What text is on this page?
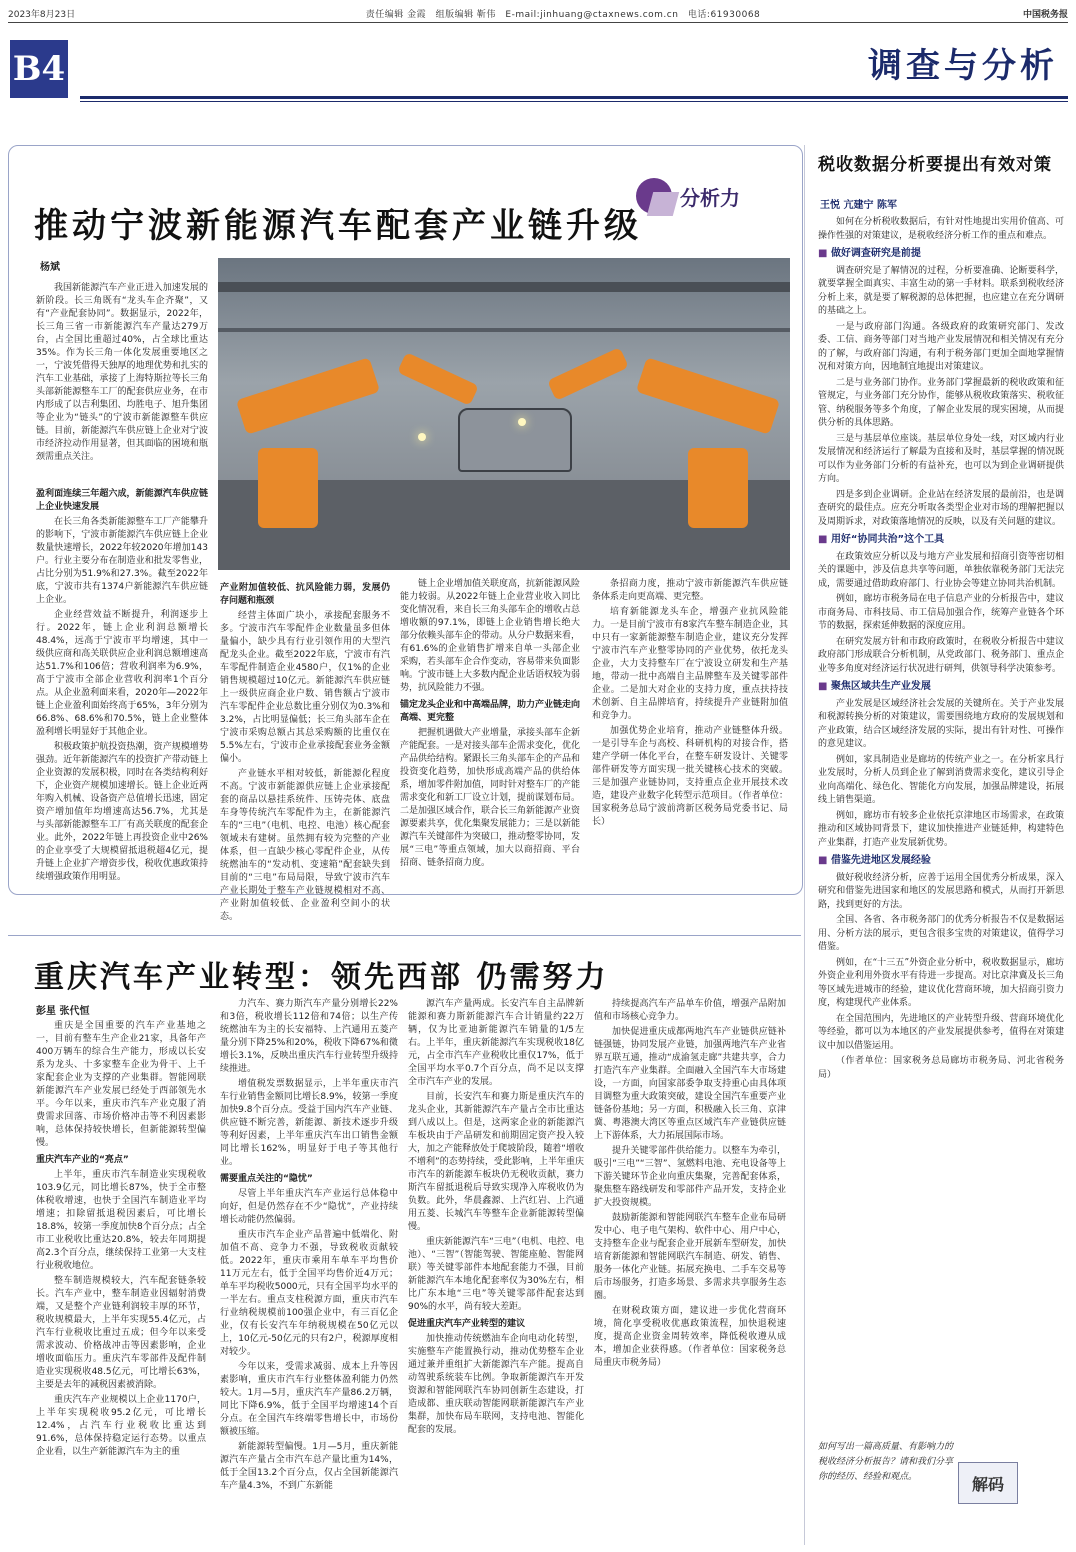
2023年8月23日	责任编辑 金霞　组版编辑 靳伟　E-mail:jinhuang@ctaxnews.com.cn　电话:61930068	中国税务报
B4	调查与分析
推动宁波新能源汽车配套产业链升级
分析力
杨斌

我国新能源汽车产业正进入加速发展的新阶段。长三角既有“龙头车企齐聚”，又有“产业配套协同”。数据显示，2022年，长三角三省一市新能源汽车产量达279万台，占全国比重超过40%，占全球比重达35%。作为长三角一体化发展重要地区之一，宁波凭借得天独厚的地理优势和扎实的汽车工业基础，承接了上海特斯拉等长三角头部新能源整车工厂的配套供应业务，在市内形成了以吉利集团、均胜电子、旭升集团等企业为“链头”的宁波市新能源整车供应链。目前，新能源汽车供应链上企业对宁波市经济拉动作用显著，但其面临的困境和瓶颈需重点关注。

盈利面连续三年超六成，新能源汽车供应链上企业快速发展

在长三角各类新能源整车工厂产能攀升的影响下，宁波市新能源汽车供应链上企业数量快速增长，2022年较2020年增加143户。行业主要分布在制造业和批发零售业，占比分别为51.9%和27.3%。截至2022年底，宁波市共有1374户新能源汽车供应链上企业。

企业经营效益不断提升，利润逐步上行。2022年，链上企业利润总额增长48.4%，远高于宁波市平均增速，其中一级供应商和高关联供应企业利润总额增速高达51.7%和106倍；营收利润率为6.9%，高于宁波市全部企业营收利润率1个百分点。从企业盈利面来看，2020年—2022年链上企业盈利面始终高于65%，3年分别为66.8%、68.6%和70.5%，链上企业整体盈利增长明显好于其他企业。

积极政策护航投资热潮，资产规模增势强劲。近年新能源汽车的投资扩产带动链上企业资源的发展积极，同时在各类结构利好下，企业资产规模加速增长。链上企业近两年购入机械、设备资产总值增长迅速，固定资产增加值年均增速高达56.7%，尤其是与头部新能源整车工厂有高关联度的配套企业。此外，2022年链上再投资企业中26%的企业享受了大规模留抵退税超4亿元，提升链上企业扩产增资步伐，税收优惠政策持续增强政策作用明显。

产业附加值较低、抗风险能力弱，发展仍存问题和瓶颈

经营主体面广块小，承接配套服务不多。宁波市汽车零配件企业数量虽多但体量偏小，缺少具有行业引领作用的大型汽配龙头企业。截至2022年底，宁波市有汽车零配件制造企业4580户，仅1%的企业销售规模超过10亿元。新能源汽车供应链上一级供应商企业户数、销售额占宁波市汽车零配件企业总数比重分别仅为0.3%和3.2%，占比明显偏低；长三角头部车企在宁波市采购总额占其总采购额的比重仅在5.5%左右，宁波市企业承接配套业务金额偏小。

产业链水平相对较低，新能源化程度不高。宁波市新能源供应链上企业承接配套的商品以悬挂系统件、压铸壳体、底盘车身等传统汽车零配件为主，在新能源汽车的“三电”（电机、电控、电池）核心配套领域未有建树。虽然拥有较为完整的产业体系，但一直缺少核心零配件企业，从传统燃油车的“发动机、变速箱”配套缺失到目前的“三电”布局局限，导致宁波市汽车产业长期处于整车产业链规模相对不高、产业附加值较低、企业盈利空间小的状态。

链上企业增加值关联度高，抗新能源风险能力较弱。从2022年链上企业营业收入同比变化情况看，来自长三角头部车企的增收占总增收额的97.1%，即链上企业销售增长绝大部分依赖头部车企的带动。从分户数据来看，有61.6%的企业销售扩增来自单一头部企业采购，若头部车企合作变动，容易带来负面影响。宁波市链上大多数内配企业话语权较为弱势，抗风险能力不强。

锚定龙头企业和中高端品牌，助力产业链走向高端、更完整

把握机遇做大产业增量，承接头部车企新产能配套。一是对接头部车企需求变化，优化产品供给结构。紧跟长三角头部车企的产品和投资变化趋势，加快形成高端产品的供给体系，增加零件附加值，同时针对整车厂的产能需求变化和新工厂设立计划，提前谋划布局。二是加强区域合作，联合长三角新能源产业资源要素共享，优化集聚发展能力；三是以新能源汽车关键部件为突破口，推动整零协同，发展“三电”等重点领域，加大以商招商、平台招商、链条招商力度。

条招商力度，推动宁波市新能源汽车供应链条体系走向更高端、更完整。

培育新能源龙头车企，增强产业抗风险能力。一是目前宁波市有8家汽车整车制造企业，其中只有一家新能源整车制造企业，建议充分发挥宁波市汽车产业整零协同的产业优势，依托龙头企业，大力支持整车厂在宁波设立研发和生产基地，带动一批中高端自主品牌整车及关键零部件企业。二是加大对企业的支持力度，重点扶持技术创新、自主品牌培育，持续提升产业链附加值和竞争力。

加强优势企业培育，推动产业链整体升级。一是引导车企与高校、科研机构的对接合作，搭建产学研一体化平台，在整车研发设计、关键零部件研发等方面实现一批关键核心技术的突破。三是加强产业链协同，支持重点企业开展技术改造，建设产业数字化转型示范项目。（作者单位：国家税务总局宁波前湾新区税务局党委书记、局长）

重庆汽车产业转型：领先西部 仍需努力
彭星 张代恒

重庆是全国重要的汽车产业基地之一，目前有整车生产企业21家，具备年产400万辆车的综合生产能力，形成以长安系为龙头、十多家整车企业为骨干、上千家配套企业为支撑的产业集群。智能网联新能源汽车产业发展已经处于西部领先水平。今年以来，重庆市汽车产业克服了消费需求回落、市场价格冲击等不利因素影响，总体保持较快增长，但新能源转型偏慢。

重庆汽车产业的“亮点”

上半年，重庆市汽车制造业实现税收103.9亿元，同比增长87%，快于全市整体税收增速，也快于全国汽车制造业平均增速；扣除留抵退税因素后，可比增长18.8%，较第一季度加快8个百分点；占全市工业税收比重达20.8%，较去年同期提高2.3个百分点，继续保持工业第一大支柱行业税收地位。

整车制造规模较大，汽车配套链条较长。汽车产业中，整车制造业因辐射消费端，又是整个产业链利润较丰厚的环节，税收规模最大，上半年实现55.4亿元，占汽车行业税收比重过五成；但今年以来受需求波动、价格战冲击等因素影响，企业增收面临压力。重庆汽车零部件及配件制造业实现税收48.5亿元，可比增长63%，主要是去年的减税因素被消除。

重庆汽车产业规模以上企业1170户，上半年实现税收95.2亿元，可比增长12.4%，占汽车行业税收比重达到91.6%，总体保持稳定运行态势。以重点企业看，以生产新能源汽车为主的重

力汽车、赛力斯汽车产量分别增长22%和3倍，税收增长112倍和74倍；以生产传统燃油车为主的长安福特、上汽通用五菱产量分别下降25%和20%，税收下降67%和微增长3.1%，反映出重庆汽车行业转型升级持续推进。

增值税发票数据显示，上半年重庆市汽车行业销售金额同比增长8.9%，较第一季度加快9.8个百分点。受益于国内汽车产业链、供应链不断完善，新能源、新技术逐步升级等利好因素，上半年重庆汽车出口销售金额同比增长162%，明显好于电子等其他行业。

需要重点关注的“隐忧”

尽管上半年重庆汽车产业运行总体稳中向好，但是仍然存在不少“隐忧”，产业持续增长动能仍然偏弱。

重庆市汽车企业产品普遍中低端化、附加值不高、竞争力不强，导致税收贡献较低。2022年，重庆市乘用车单车平均售价11万元左右，低于全国平均售价近4万元；单车平均税收5000元，只有全国平均水平的一半左右。重点支柱税源方面，重庆市汽车行业纳税规模前100强企业中，有三百亿企业，仅有长安汽车年纳税规模在50亿元以上，10亿元-50亿元的只有2户，税源厚度相对较少。

今年以来，受需求减弱、成本上升等因素影响，重庆市汽车行业整体盈利能力仍然较大。1月—5月，重庆汽车产量86.2万辆，同比下降6.9%，低于全国平均增速14个百分点。在全国汽车终端零售增长中，市场份额被压缩。

新能源转型偏慢。1月—5月，重庆新能源汽车产量占全市汽车总产量比重为14%，低于全国13.2个百分点，仅占全国新能源汽车产量4.3%，不到广东新能

源汽车产量两成。长安汽车自主品牌新能源和赛力斯新能源汽车合计销量约22万辆，仅为比亚迪新能源汽车销量的1/5左右。上半年，重庆新能源汽车实现税收18亿元，占全市汽车产业税收比重仅17%，低于全国平均水平0.7个百分点，尚不足以支撑全市汽车产业的发展。

目前，长安汽车和赛力斯是重庆汽车的龙头企业，其新能源汽车产量占全市比重达到八成以上。但是，这两家企业的新能源汽车板块由于产品研发和前期固定资产投入较大，加之产能释放处于爬坡阶段，随着“增收不增利”的态势持续，受此影响，上半年重庆市汽车的新能源车板块仍无税收贡献，赛力斯汽车留抵退税后导致实现净入库税收仍为负数。此外，华晨鑫源、上汽红岩、上汽通用五菱、长城汽车等整车企业新能源转型偏慢。

重庆新能源汽车“三电”（电机、电控、电池）、“三智”（智能驾驶、智能座舱、智能网联）等关键零部件本地配套能力不强，目前新能源汽车本地化配套率仅为30%左右，相比广东本地“三电”等关键零部件配套达到90%的水平，尚有较大差距。

促进重庆汽车产业转型的建议

加快推动传统燃油车企向电动化转型，实施整车产能置换行动，推动优势整车企业通过兼并重组扩大新能源汽车产能。提高自动驾驶系统装车比例。争取新能源汽车开发资源和智能网联汽车协同创新生态建设，打造成都、重庆联动智能网联新能源汽车产业集群，加快布局车联网，支持电池、智能化配套的发展。

持续提高汽车产品单车价值，增强产品附加值和市场核心竞争力。

加快促进重庆成都两地汽车产业链供应链补链强链，协同发展产业链，加强两地汽车产业省界互联互通，推动“成渝氢走廊”共建共享，合力打造汽车产业集群。全面融入全国汽车大市场建设，一方面，向国家部委争取支持重心由具体项目调整为重大政策突破，建设全国汽车重要产业链备份基地；另一方面，积极融入长三角、京津冀、粤港澳大湾区等重点区域汽车产业链供应链上下游体系，大力拓展国际市场。

提升关键零部件供给能力。以整车为牵引，吸引“三电”“三智”、氢燃料电池、充电设备等上下游关键环节企业向重庆集聚，完善配套体系，聚焦整车路线研发和零部件产品开发，支持企业扩大投资规模。

鼓励新能源和智能网联汽车整车企业布局研发中心、电子电气架构、软件中心、用户中心，支持整车企业与配套企业开展新车型研发，加快培育新能源和智能网联汽车制造、研发、销售、服务一体化产业链。拓展充换电、二手车交易等后市场服务，打造多场景、多需求共享服务生态圈。

在财税政策方面，建议进一步优化营商环境，简化享受税收优惠政策流程，加快退税速度，提高企业资金周转效率，降低税收遵从成本，增加企业获得感。（作者单位：国家税务总局重庆市税务局）

税收数据分析要提出有效对策
王悦 亢建宁 陈军

如何在分析税收数据后，有针对性地提出实用价值高、可操作性强的对策建议，是税收经济分析工作的重点和难点。

■ 做好调查研究是前提

调查研究是了解情况的过程，分析要准确、论断要科学，就要掌握全面真实、丰富生动的第一手材料。联系到税收经济分析上来，就是要了解税源的总体把握，也应建立在充分调研的基础之上。

一是与政府部门沟通。各级政府的政策研究部门、发改委、工信、商务等部门对当地产业发展情况和相关情况有充分的了解，与政府部门沟通，有利于税务部门更加全面地掌握情况和对策方向，因地制宜地提出对策建议。

二是与业务部门协作。业务部门掌握最新的税收政策和征管规定，与业务部门充分协作，能够从税收政策落实、税收征管、纳税服务等多个角度，了解企业发展的现实困境，从而提供分析的具体思路。

三是与基层单位座谈。基层单位身处一线，对区域内行业发展情况和经济运行了解最为直接和及时，基层掌握的情况既可以作为业务部门分析的有益补充，也可以为到企业调研提供方向。

四是多到企业调研。企业站在经济发展的最前沿，也是调查研究的最佳点。应充分听取各类型企业对市场的理解把握以及周期诉求，对政策落地情况的反映，以及有关问题的建议。

■ 用好“协同共治”这个工具

在政策效应分析以及与地方产业发展和招商引资等密切相关的课题中，涉及信息共享等问题，单独依靠税务部门无法完成，需要通过借助政府部门、行业协会等建立协同共治机制。

例如，廊坊市税务局在电子信息产业的分析报告中，建议市商务局、市科技局、市工信局加强合作，统筹产业链各个环节的数据，探索延伸数据的深度应用。

在研究发展方针和市政府政策时，在税收分析报告中建议政府部门形成联合分析机制，从党政部门、税务部门、重点企业等多角度对经济运行状况进行研判，供领导科学决策参考。

■ 聚焦区域共生产业发展

产业发展是区域经济社会发展的关键所在。关于产业发展和税源转换分析的对策建议，需要围绕地方政府的发展规划和产业政策，结合区域经济发展的实际，提出有针对性、可操作的意见建议。

例如，家具制造业是廊坊的传统产业之一。在分析家具行业发展时，分析人员到企业了解到消费需求变化，建议引导企业向高端化、绿色化、智能化方向发展，加强品牌建设，拓展线上销售渠道。

例如，廊坊市有较多企业依托京津地区市场需求，在政策推动和区域协同背景下，建议加快推进产业链延伸，构建特色产业集群，打造产业发展新优势。

■ 借鉴先进地区发展经验

做好税收经济分析，应善于运用全国优秀分析成果，深入研究和借鉴先进国家和地区的发展思路和模式，从而打开新思路，找到更好的方法。

全国、各省、各市税务部门的优秀分析报告不仅是数据运用、分析方法的展示，更包含很多宝贵的对策建议，值得学习借鉴。

例如，在“十三五”外资企业分析中，税收数据显示，廊坊外资企业利用外资水平有待进一步提高。对比京津冀及长三角等区域先进城市的经验，建议优化营商环境，加大招商引资力度，构建现代产业体系。

在全国范围内，先进地区的产业转型升级、营商环境优化等经验，都可以为本地区的产业发展提供参考，值得在对策建议中加以借鉴运用。

（作者单位：国家税务总局廊坊市税务局、河北省税务局）

如何写出一篇高质量、有影响力的税收经济分析报告？请和我们分享你的经历、经验和观点。	解码
